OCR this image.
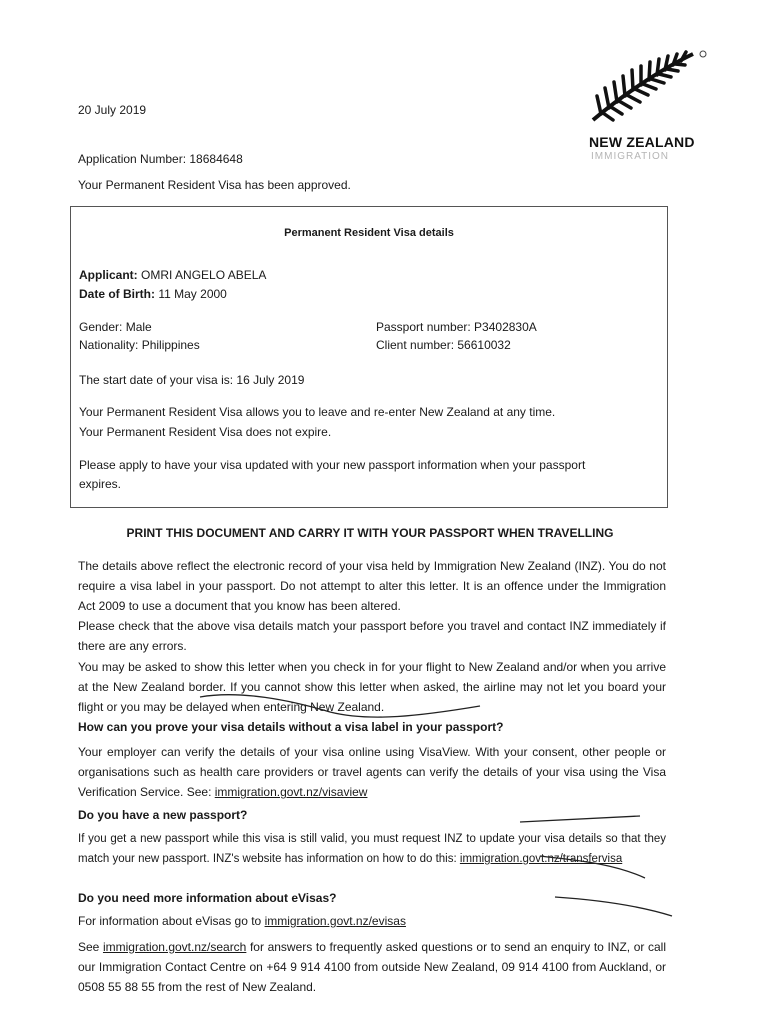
20 July 2019
Application Number: 18684648
Your Permanent Resident Visa has been approved.
NEW ZEALAND
IMMIGRATION
Permanent Resident Visa details
Applicant: OMRI ANGELO ABELA
Date of Birth: 11 May 2000
Gender: Male
Nationality: Philippines
Passport number: P3402830A
Client number: 56610032
The start date of your visa is: 16 July 2019
Your Permanent Resident Visa allows you to leave and re-enter New Zealand at any time.
Your Permanent Resident Visa does not expire.
Please apply to have your visa updated with your new passport information when your passport
expires.
PRINT THIS DOCUMENT AND CARRY IT WITH YOUR PASSPORT WHEN TRAVELLING
The details above reflect the electronic record of your visa held by Immigration New Zealand (INZ). You do not require a visa label in your passport. Do not attempt to alter this letter. It is an offence under the Immigration Act 2009 to use a document that you know has been altered.
Please check that the above visa details match your passport before you travel and contact INZ immediately if there are any errors.
You may be asked to show this letter when you check in for your flight to New Zealand and/or when you arrive at the New Zealand border. If you cannot show this letter when asked, the airline may not let you board your flight or you may be delayed when entering New Zealand.
How can you prove your visa details without a visa label in your passport?
Your employer can verify the details of your visa online using VisaView. With your consent, other people or organisations such as health care providers or travel agents can verify the details of your visa using the Visa Verification Service. See: immigration.govt.nz/visaview
Do you have a new passport?
If you get a new passport while this visa is still valid, you must request INZ to update your visa details so that they match your new passport. INZ's website has information on how to do this: immigration.govt.nz/transfervisa
Do you need more information about eVisas?
For information about eVisas go to immigration.govt.nz/evisas
See immigration.govt.nz/search for answers to frequently asked questions or to send an enquiry to INZ, or call our Immigration Contact Centre on +64 9 914 4100 from outside New Zealand, 09 914 4100 from Auckland, or 0508 55 88 55 from the rest of New Zealand.
